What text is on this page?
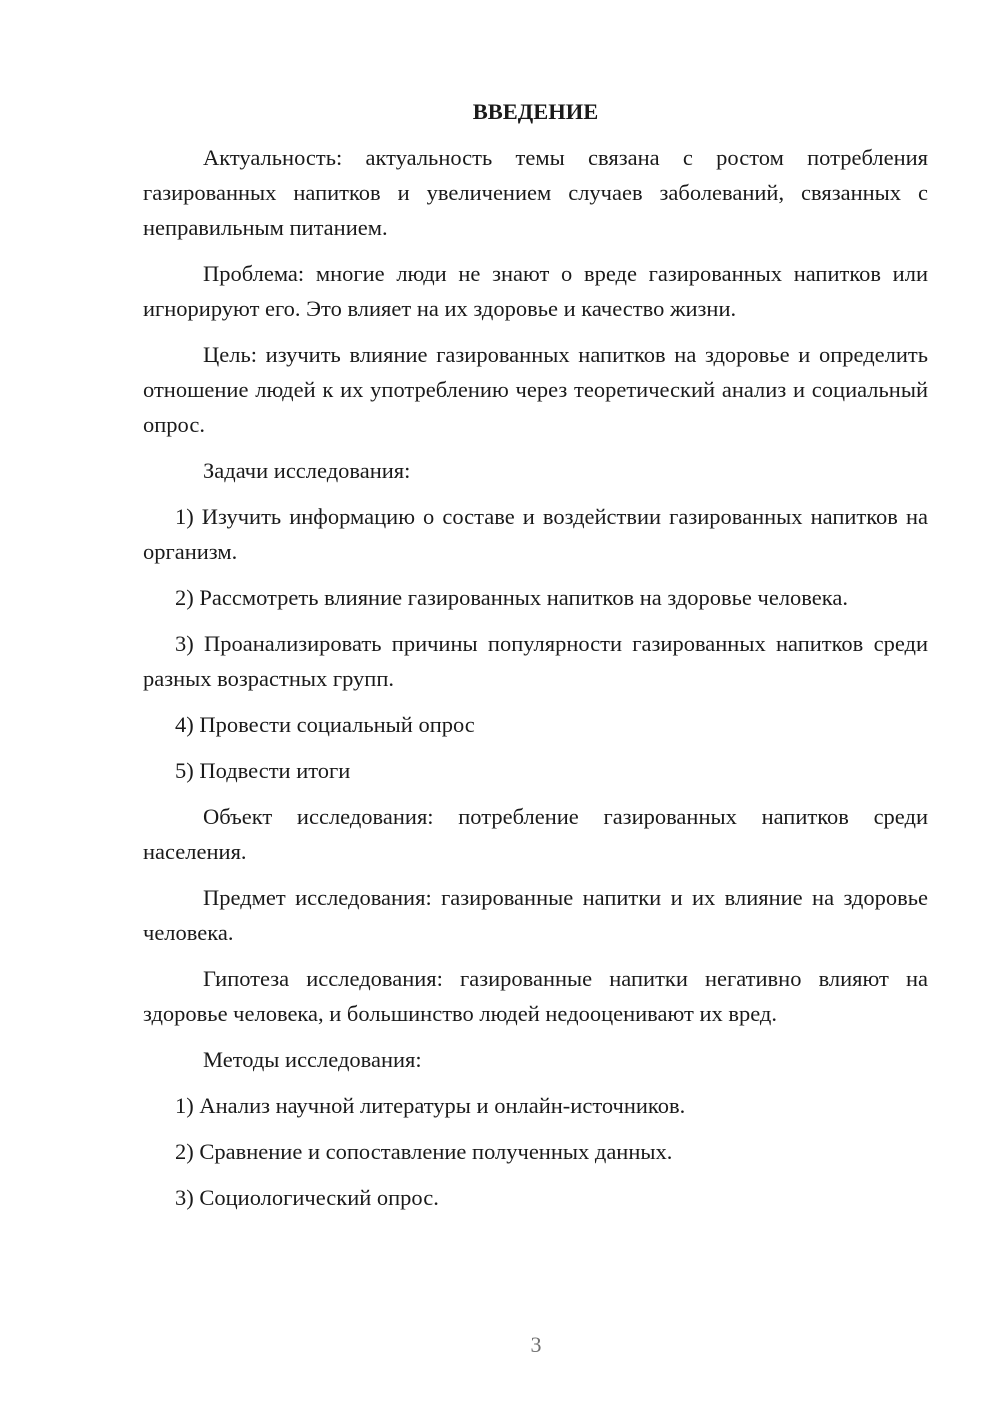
ВВЕДЕНИЕ

Актуальность: актуальность темы связана с ростом потребления газированных напитков и увеличением случаев заболеваний, связанных с неправильным питанием.

Проблема: многие люди не знают о вреде газированных напитков или игнорируют его. Это влияет на их здоровье и качество жизни.

Цель: изучить влияние газированных напитков на здоровье и определить отношение людей к их употреблению через теоретический анализ и социальный опрос.

Задачи исследования:

1) Изучить информацию о составе и воздействии газированных напитков на организм.

2) Рассмотреть влияние газированных напитков на здоровье человека.

3) Проанализировать причины популярности газированных напитков среди разных возрастных групп.

4) Провести социальный опрос

5) Подвести итоги

Объект исследования: потребление газированных напитков среди населения.

Предмет исследования: газированные напитки и их влияние на здоровье человека.

Гипотеза исследования: газированные напитки негативно влияют на здоровье человека, и большинство людей недооценивают их вред.

Методы исследования:

1) Анализ научной литературы и онлайн-источников.

2) Сравнение и сопоставление полученных данных.

3) Социологический опрос.

3
